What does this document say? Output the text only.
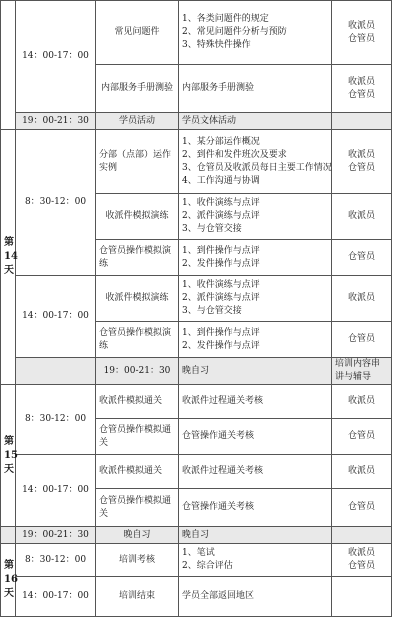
	14：00-17：00	常见问题件	1、各类问题件的规定
2、常见问题件分析与预防
3、特殊快件操作	收派员
仓管员	

		内部服务手册测验	内部服务手册测验	收派员
仓管员	

	19：00-21：30	学员活动	学员文体活动		

第
14
天	8：30-12：00	分部（点部）运作实例	1、某分部运作概况
2、到件和发件班次及要求
3、仓管员及收派员每日主要工作情况
4、工作沟通与协调	收派员
仓管员	

		收派件模拟演练	1、收件演练与点评
2、派件演练与点评
3、与仓管交接	收派员	

		仓管员操作模拟演练	1、到件操作与点评
2、发件操作与点评	仓管员	
	14：00-17：00	收派件模拟演练	1、收件演练与点评
2、派件演练与点评
3、与仓管交接	收派员	

		仓管员操作模拟演练	1、到件操作与点评
2、发件操作与点评	仓管员	
		19：00-21：30	晚自习	培训内容串讲与辅导	

第
15
天	8：30-12：00	收派件模拟通关	收派件过程通关考核	收派员	
		仓管员操作模拟通关	仓管操作通关考核	仓管员	
	14：00-17：00	收派件模拟通关	收派件过程通关考核	收派员	
		仓管员操作模拟通关	仓管操作通关考核	仓管员	
	19：00-21：30	晚自习	晚自习		

第
16
天	8：30-12：00	培训考核	1、笔试
2、综合评估	收派员
仓管员	

	14：00-17：00	培训结束	学员全部返回地区		
